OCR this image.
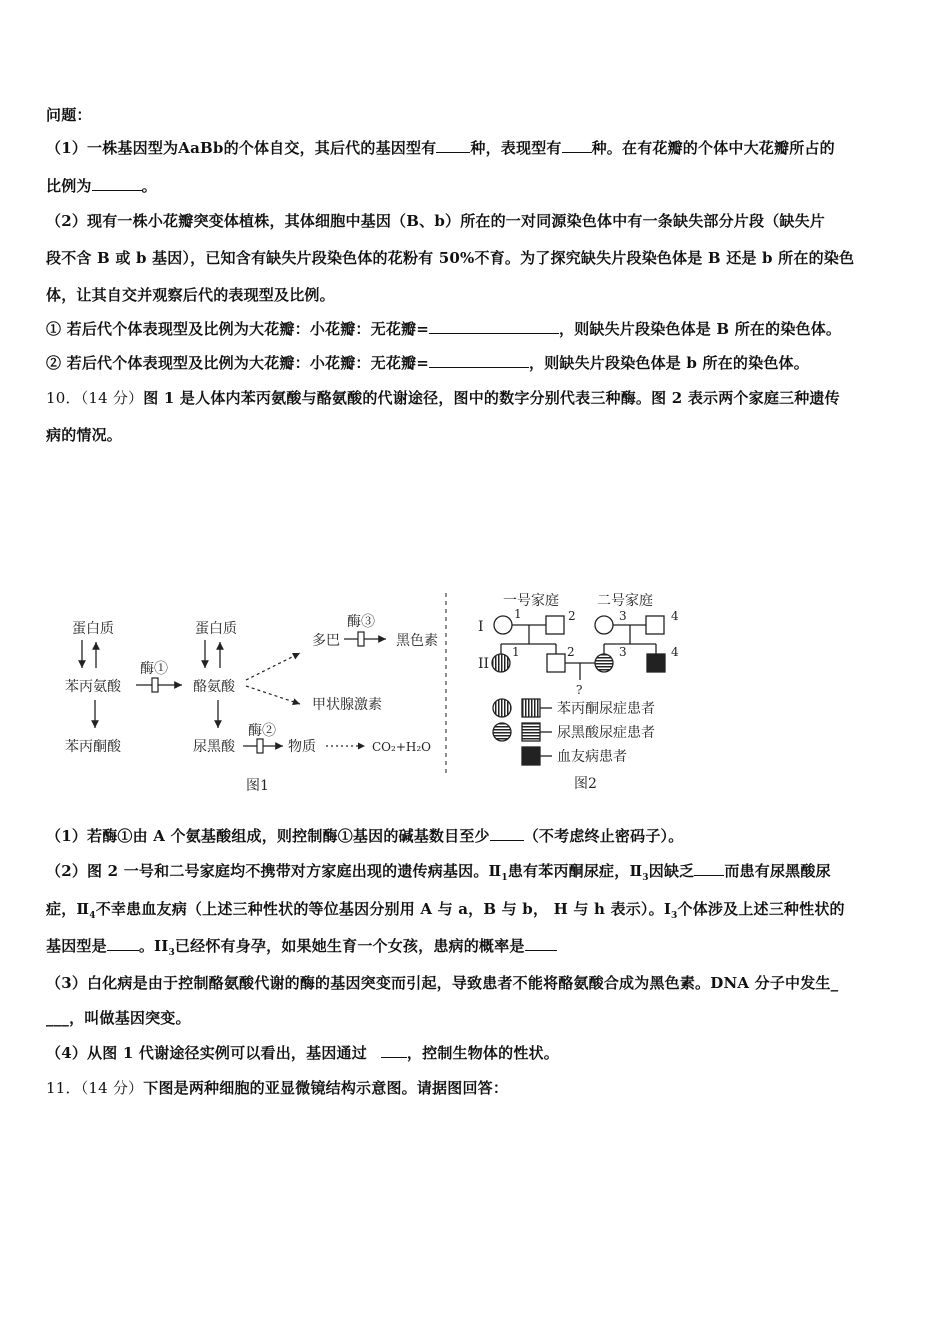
问题：
（1）一株基因型为AaBb的个体自交，其后代的基因型有 种，表现型有 种。在有花瓣的个体中大花瓣所占的
比例为	。
（2）现有一株小花瓣突变体植株，其体细胞中基因（B、b）所在的一对同源染色体中有一条缺失部分片段（缺失片
段不含 B 或 b 基因），已知含有缺失片段染色体的花粉有 50%不育。为了探究缺失片段染色体是 B 还是 b 所在的染色
体，让其自交并观察后代的表现型及比例。
① 若后代个体表现型及比例为大花瓣：小花瓣：无花瓣=	，则缺失片段染色体是 B 所在的染色体。
② 若后代个体表现型及比例为大花瓣：小花瓣：无花瓣=	，则缺失片段染色体是 b 所在的染色体。
10．（14 分）图 1 是人体内苯丙氨酸与酪氨酸的代谢途径，图中的数字分别代表三种酶。图 2 表示两个家庭三种遗传
病的情况。
蛋白质
苯丙氨酸
苯丙酮酸
酶①
蛋白质
酪氨酸
尿黑酸
多巴
酶③
黑色素
甲状腺激素
酶②
物质	CO₂+H₂O
图1
一号家庭	二号家庭
I
II
1	2	3	4
1	2	3	4
?
苯丙酮尿症患者
尿黑酸尿症患者
血友病患者
图2
（1）若酶①由 A 个氨基酸组成，则控制酶①基因的碱基数目至少 （不考虑终止密码子）。
（2）图 2 一号和二号家庭均不携带对方家庭出现的遗传病基因。$Ⅱ_1$患有苯丙酮尿症，$Ⅱ_3$因缺乏 而患有尿黑酸尿
症，$Ⅱ_4$不幸患血友病（上述三种性状的等位基因分别用 A 与 a，B 与 b， H 与 h 表示）。$I_3$个体涉及上述三种性状的
基因型是 。$II_3$已经怀有身孕，如果她生育一个女孩，患病的概率是
（3）白化病是由于控制酪氨酸代谢的酶的基因突变而引起，导致患者不能将酪氨酸合成为黑色素。DNA 分子中发生_
___，叫做基因突变。
（4）从图 1 代谢途径实例可以看出，基因通过	，控制生物体的性状。
11．（14 分）下图是两种细胞的亚显微镜结构示意图。请据图回答：
